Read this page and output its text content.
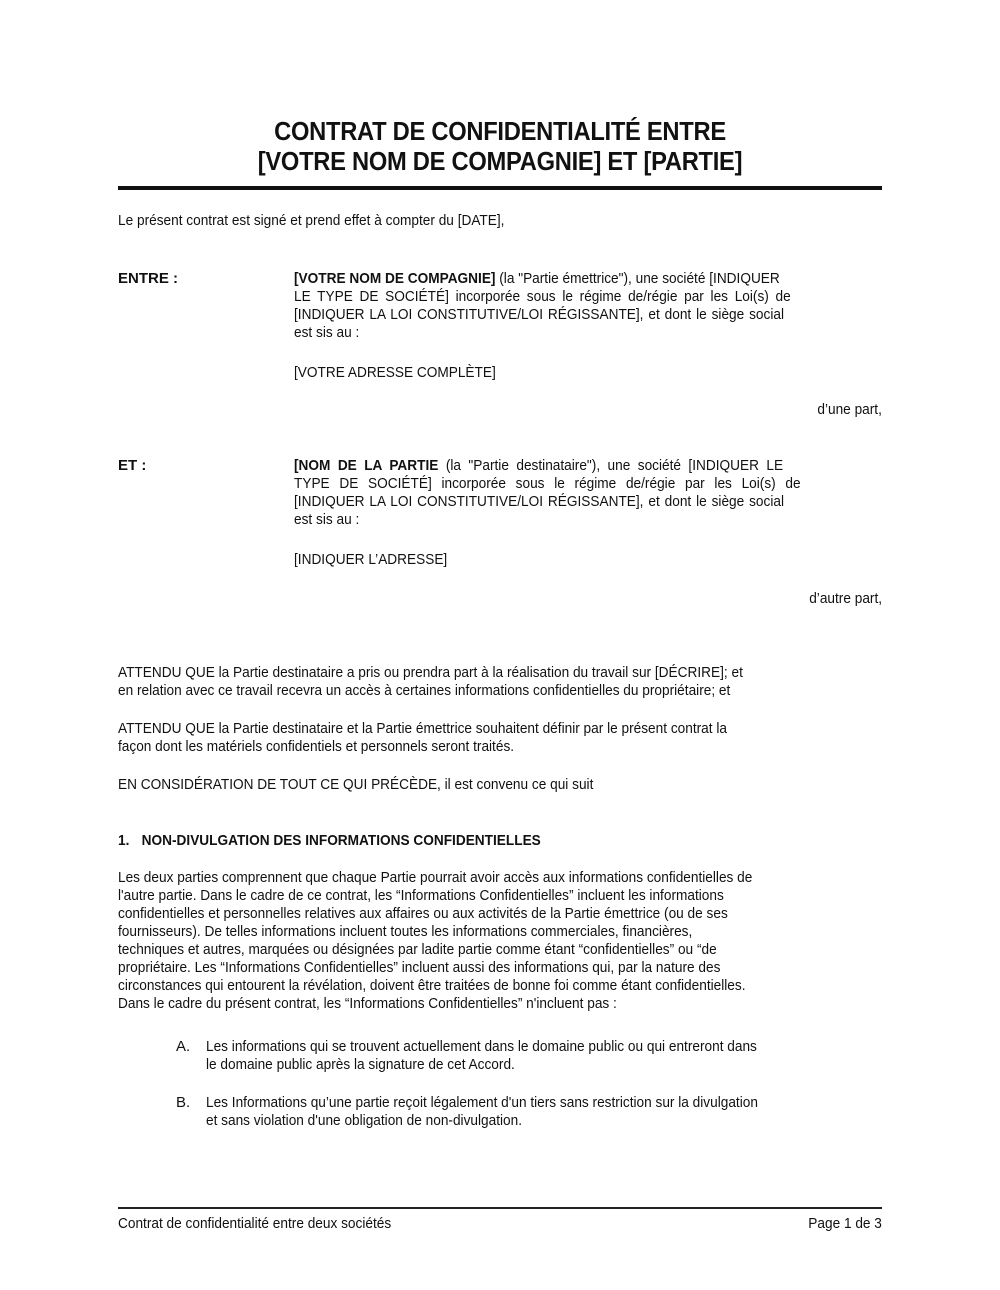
CONTRAT DE CONFIDENTIALITÉ ENTRE
[VOTRE NOM DE COMPAGNIE] ET [PARTIE]
Le présent contrat est signé et prend effet à compter du [DATE],
ENTRE :	[VOTRE NOM DE COMPAGNIE] (la "Partie émettrice"), une société [INDIQUER
LE TYPE DE SOCIÉTÉ] incorporée sous le régime de/régie par les Loi(s) de
[INDIQUER LA LOI CONSTITUTIVE/LOI RÉGISSANTE], et dont le siège social
est sis au :
[VOTRE ADRESSE COMPLÈTE]
d’une part,
ET :	[NOM DE LA PARTIE (la "Partie destinataire"), une société [INDIQUER LE
TYPE DE SOCIÉTÉ] incorporée sous le régime de/régie par les Loi(s) de
[INDIQUER LA LOI CONSTITUTIVE/LOI RÉGISSANTE], et dont le siège social
est sis au :
[INDIQUER L’ADRESSE]
d’autre part,
ATTENDU QUE la Partie destinataire a pris ou prendra part à la réalisation du travail sur [DÉCRIRE]; et
en relation avec ce travail recevra un accès à certaines informations confidentielles du propriétaire; et
ATTENDU QUE la Partie destinataire et la Partie émettrice souhaitent définir par le présent contrat la
façon dont les matériels confidentiels et personnels seront traités.
EN CONSIDÉRATION DE TOUT CE QUI PRÉCÈDE, il est convenu ce qui suit
1. NON-DIVULGATION DES INFORMATIONS CONFIDENTIELLES
Les deux parties comprennent que chaque Partie pourrait avoir accès aux informations confidentielles de
l'autre partie. Dans le cadre de ce contrat, les “Informations Confidentielles” incluent les informations
confidentielles et personnelles relatives aux affaires ou aux activités de la Partie émettrice (ou de ses
fournisseurs). De telles informations incluent toutes les informations commerciales, financières,
techniques et autres, marquées ou désignées par ladite partie comme étant “confidentielles” ou “de
propriétaire. Les “Informations Confidentielles” incluent aussi des informations qui, par la nature des
circonstances qui entourent la révélation, doivent être traitées de bonne foi comme étant confidentielles.
Dans le cadre du présent contrat, les “Informations Confidentielles” n'incluent pas :
A. Les informations qui se trouvent actuellement dans le domaine public ou qui entreront dans
le domaine public après la signature de cet Accord.
B. Les Informations qu’une partie reçoit légalement d'un tiers sans restriction sur la divulgation
et sans violation d'une obligation de non-divulgation.
Contrat de confidentialité entre deux sociétés	Page 1 de 3
